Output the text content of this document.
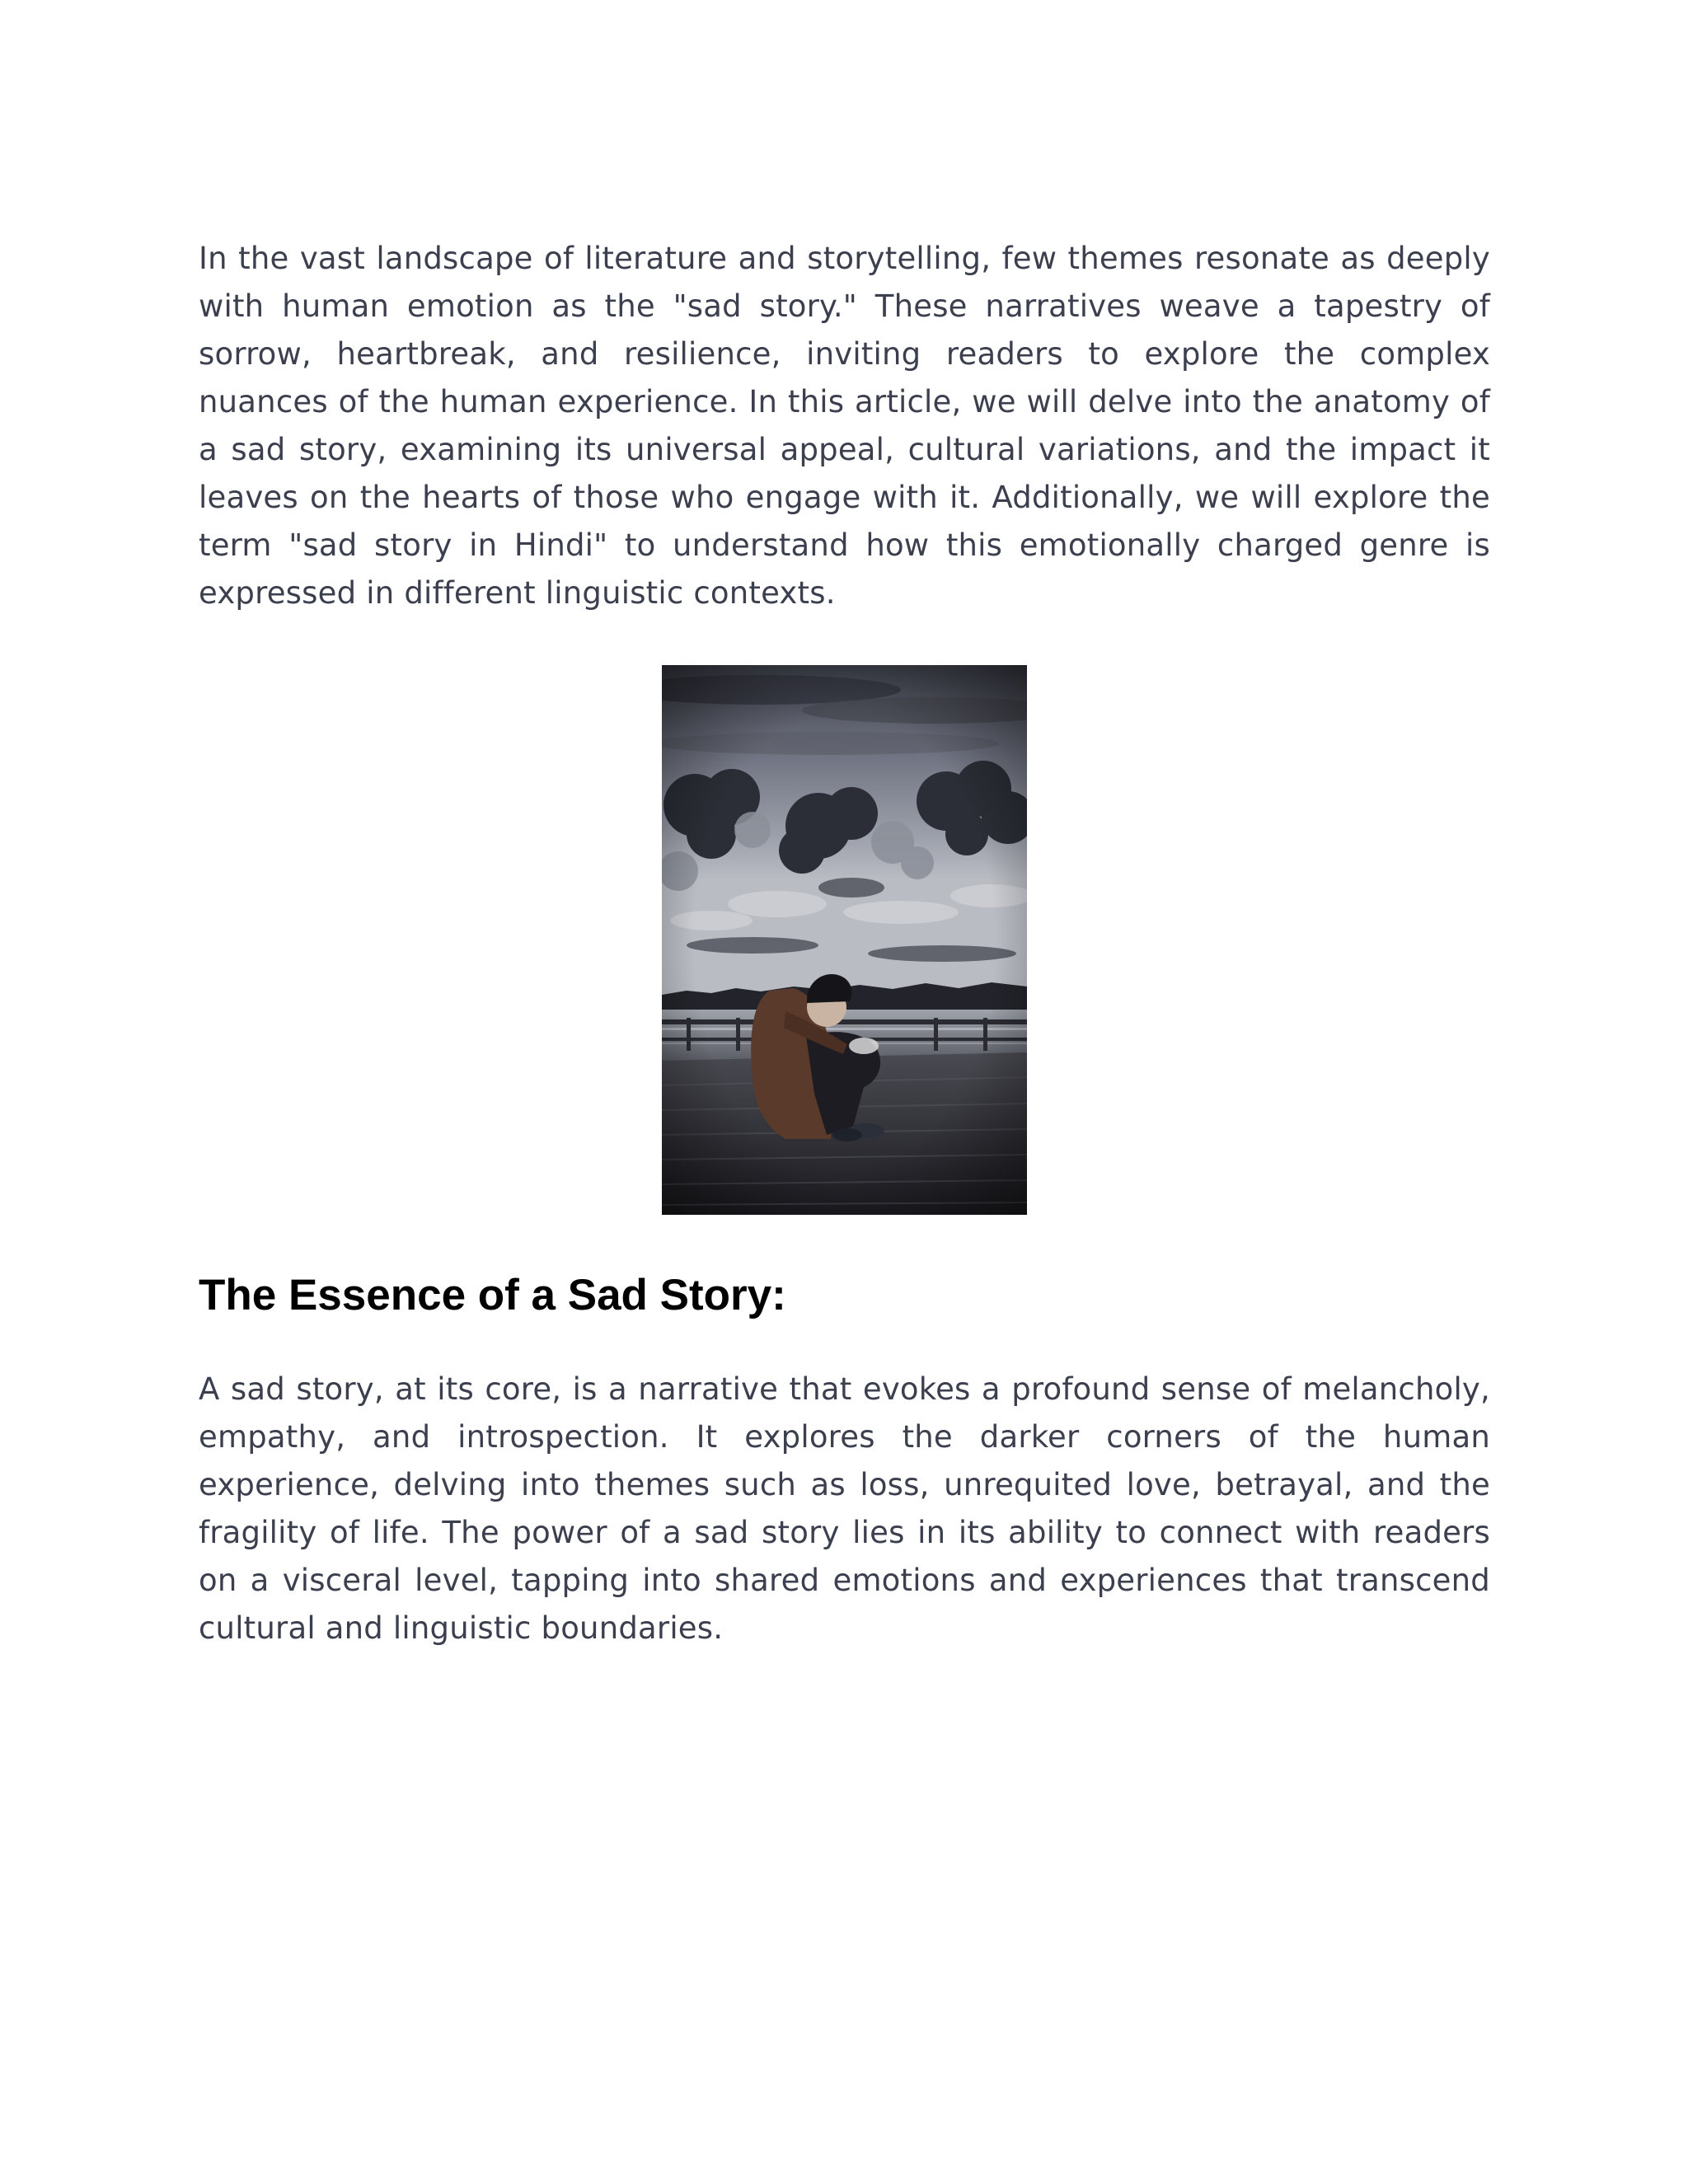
In the vast landscape of literature and storytelling, few themes resonate as deeply with human emotion as the "sad story." These narratives weave a tapestry of sorrow, heartbreak, and resilience, inviting readers to explore the complex nuances of the human experience. In this article, we will delve into the anatomy of a sad story, examining its universal appeal, cultural variations, and the impact it leaves on the hearts of those who engage with it. Additionally, we will explore the term "sad story in Hindi" to understand how this emotionally charged genre is expressed in different linguistic contexts.

The Essence of a Sad Story:

A sad story, at its core, is a narrative that evokes a profound sense of melancholy, empathy, and introspection. It explores the darker corners of the human experience, delving into themes such as loss, unrequited love, betrayal, and the fragility of life. The power of a sad story lies in its ability to connect with readers on a visceral level, tapping into shared emotions and experiences that transcend cultural and linguistic boundaries.
